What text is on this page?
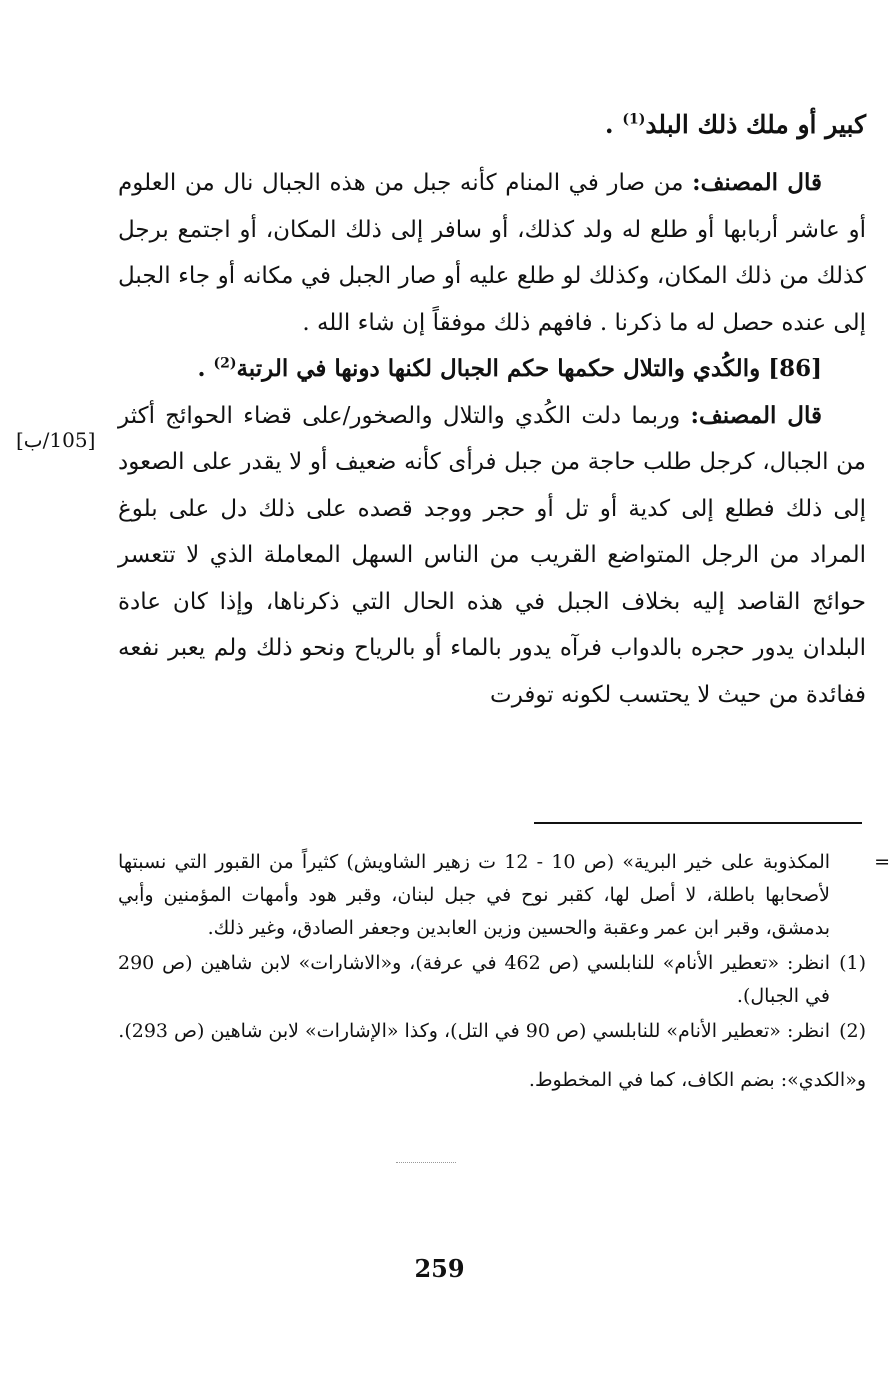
كبير أو ملك ذلك البلد$^{(1)}$ .

قال المصنف: من صار في المنام كأنه جبل من هذه الجبال نال من العلوم أو عاشر أربابها أو طلع له ولد كذلك، أو سافر إلى ذلك المكان، أو اجتمع برجل كذلك من ذلك المكان، وكذلك لو طلع عليه أو صار الجبل في مكانه أو جاء الجبل إلى عنده حصل له ما ذكرنا . فافهم ذلك موفقاً إن شاء الله .

[86] والكُدي والتلال حكمها حكم الجبال لكنها دونها في الرتبة$^{(2)}$ .

قال المصنف: وربما دلت الكُدي والتلال والصخور/على قضاء الحوائج أكثر من الجبال، كرجل طلب حاجة من جبل فرأى كأنه ضعيف أو لا يقدر على الصعود إلى ذلك فطلع إلى كدية أو تل أو حجر ووجد قصده على ذلك دل على بلوغ المراد من الرجل المتواضع القريب من الناس السهل المعاملة الذي لا تتعسر حوائج القاصد إليه بخلاف الجبل في هذه الحال التي ذكرناها، وإذا كان عادة البلدان يدور حجره بالدواب فرآه يدور بالماء أو بالرياح ونحو ذلك ولم يعبر نفعه ففائدة من حيث لا يحتسب لكونه توفرت

[105/ب]

=
المكذوبة على خير البرية» (ص 10 - 12 ت زهير الشاويش) كثيراً من القبور التي نسبتها لأصحابها باطلة، لا أصل لها، كقبر نوح في جبل لبنان، وقبر هود وأمهات المؤمنين وأبي بدمشق، وقبر ابن عمر وعقبة والحسين وزين العابدين وجعفر الصادق، وغير ذلك.

(1)
انظر: «تعطير الأنام» للنابلسي (ص 462 في عرفة)، و«الاشارات» لابن شاهين (ص 290 في الجبال).

(2)
انظر: «تعطير الأنام» للنابلسي (ص 90 في التل)، وكذا «الإشارات» لابن شاهين (ص 293).

و«الكدي»: بضم الكاف، كما في المخطوط.

259
